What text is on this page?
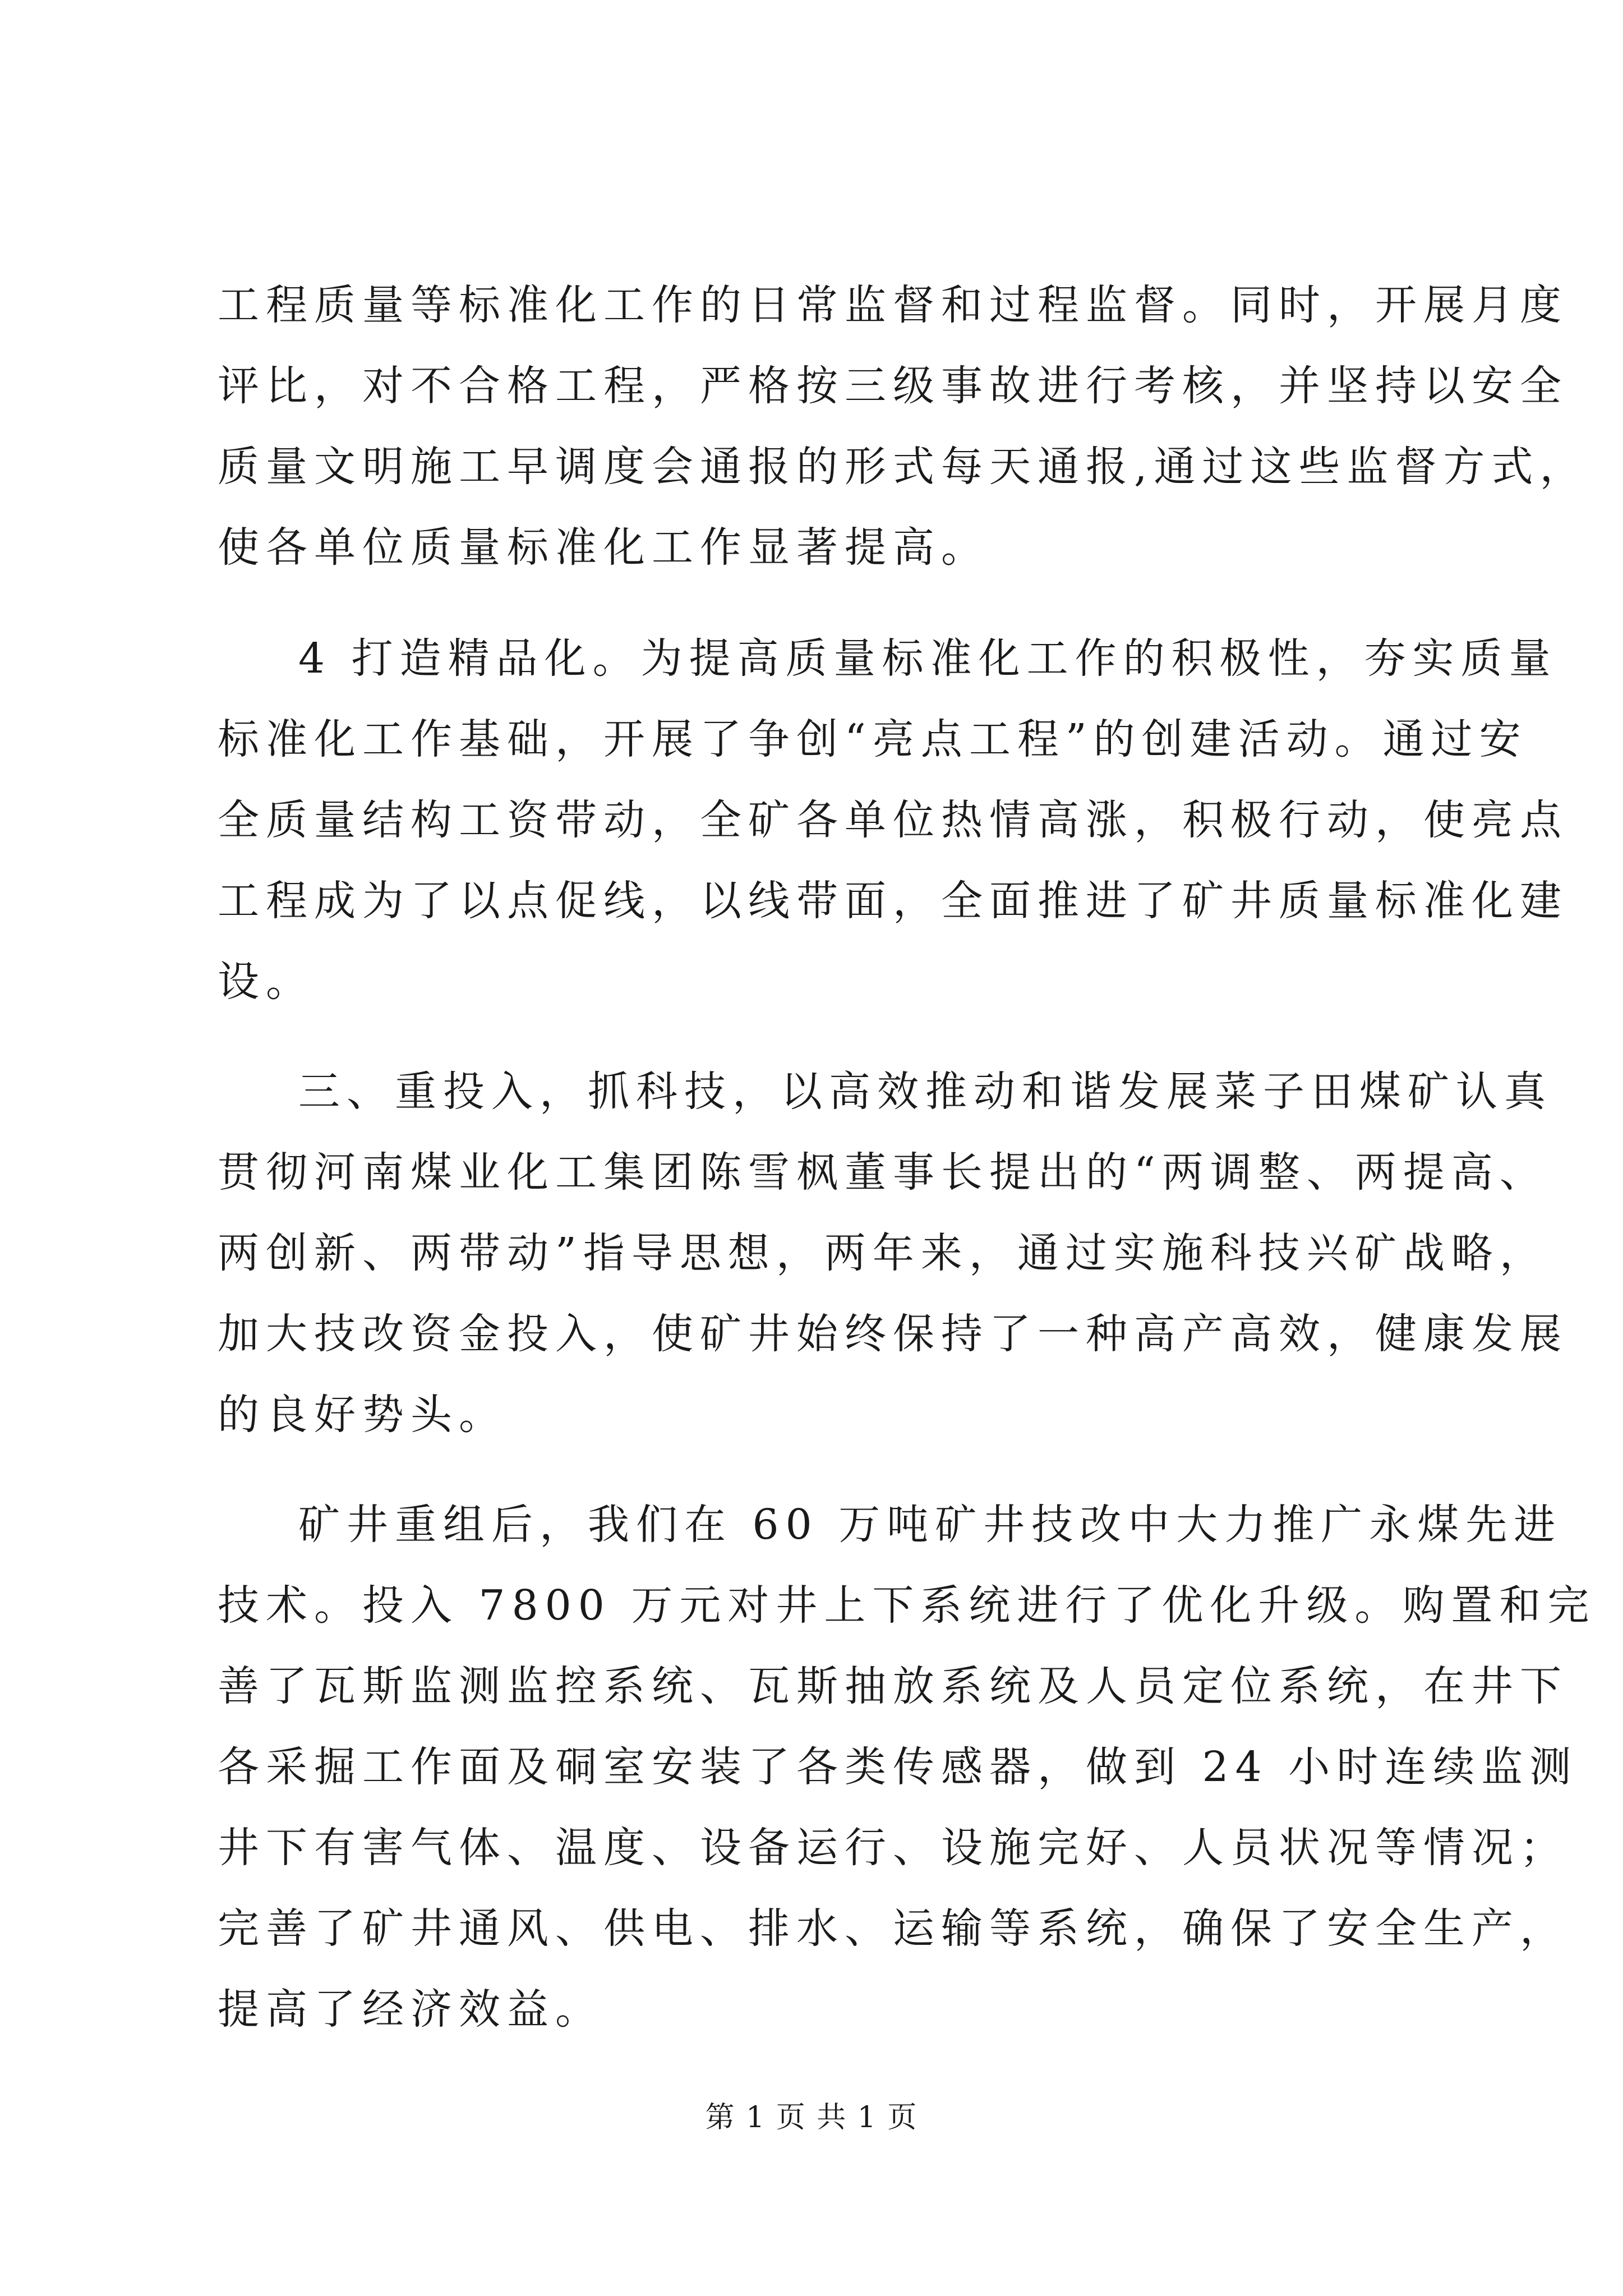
工程质量等标准化工作的日常监督和过程监督。同时，开展月度
评比，对不合格工程，严格按三级事故进行考核，并坚持以安全
质量文明施工早调度会通报的形式每天通报,通过这些监督方式，
使各单位质量标准化工作显著提高。
4 打造精品化。为提高质量标准化工作的积极性，夯实质量
标准化工作基础，开展了争创“亮点工程”的创建活动。通过安
全质量结构工资带动，全矿各单位热情高涨，积极行动，使亮点
工程成为了以点促线，以线带面，全面推进了矿井质量标准化建
设。
三、重投入，抓科技，以高效推动和谐发展菜子田煤矿认真
贯彻河南煤业化工集团陈雪枫董事长提出的“两调整、两提高、
两创新、两带动”指导思想，两年来，通过实施科技兴矿战略，
加大技改资金投入，使矿井始终保持了一种高产高效，健康发展
的良好势头。
矿井重组后，我们在 60 万吨矿井技改中大力推广永煤先进
技术。投入 7800 万元对井上下系统进行了优化升级。购置和完
善了瓦斯监测监控系统、瓦斯抽放系统及人员定位系统，在井下
各采掘工作面及硐室安装了各类传感器，做到 24 小时连续监测
井下有害气体、温度、设备运行、设施完好、人员状况等情况；
完善了矿井通风、供电、排水、运输等系统，确保了安全生产，
提高了经济效益。
第 1 页 共 1 页
